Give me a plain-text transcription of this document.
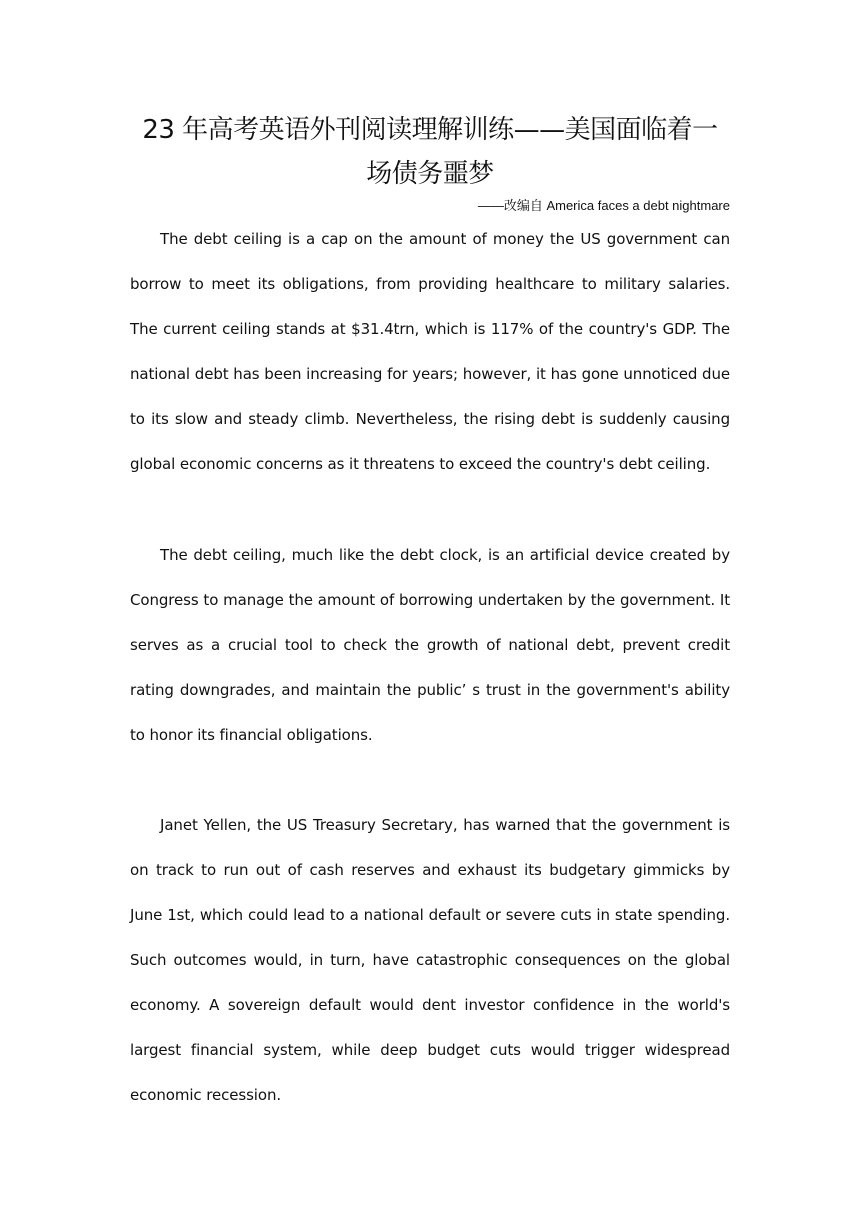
23 年高考英语外刊阅读理解训练——美国面临着一场债务噩梦
——改编自 America faces a debt nightmare

The debt ceiling is a cap on the amount of money the US government can borrow to meet its obligations, from providing healthcare to military salaries. The current ceiling stands at $31.4trn, which is 117% of the country's GDP. The national debt has been increasing for years; however, it has gone unnoticed due to its slow and steady climb. Nevertheless, the rising debt is suddenly causing global economic concerns as it threatens to exceed the country's debt ceiling.

The debt ceiling, much like the debt clock, is an artificial device created by Congress to manage the amount of borrowing undertaken by the government. It serves as a crucial tool to check the growth of national debt, prevent credit rating downgrades, and maintain the public’ s trust in the government's ability to honor its financial obligations.

Janet Yellen, the US Treasury Secretary, has warned that the government is on track to run out of cash reserves and exhaust its budgetary gimmicks by June 1st, which could lead to a national default or severe cuts in state spending. Such outcomes would, in turn, have catastrophic consequences on the global economy. A sovereign default would dent investor confidence in the world's largest financial system, while deep budget cuts would trigger widespread economic recession.
